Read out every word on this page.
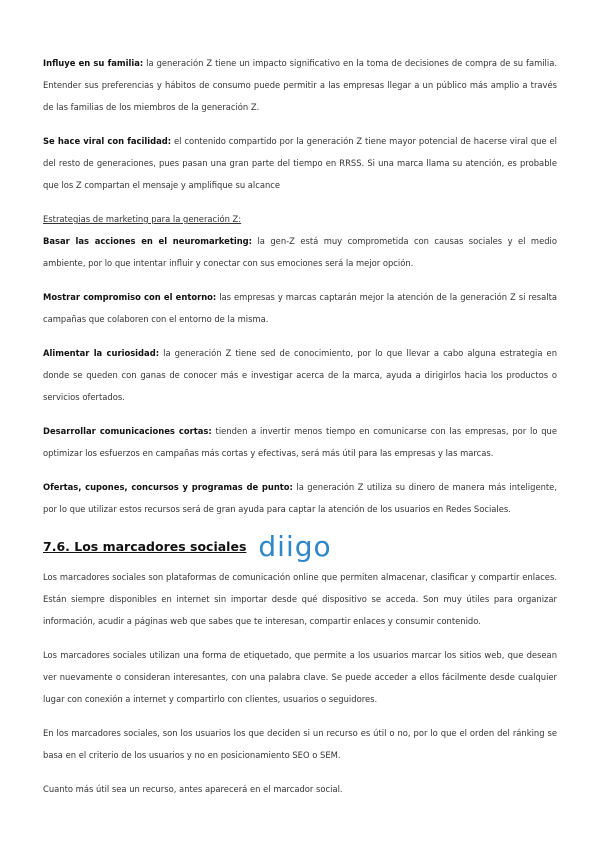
Influye en su familia: la generación Z tiene un impacto significativo en la toma de decisiones de compra de su familia. Entender sus preferencias y hábitos de consumo puede permitir a las empresas llegar a un público más amplio a través de las familias de los miembros de la generación Z.

Se hace viral con facilidad: el contenido compartido por la generación Z tiene mayor potencial de hacerse viral que el del resto de generaciones, pues pasan una gran parte del tiempo en RRSS. Si una marca llama su atención, es probable que los Z compartan el mensaje y amplifique su alcance

Estrategias de marketing para la generación Z:

Basar las acciones en el neuromarketing: la gen-Z está muy comprometida con causas sociales y el medio ambiente, por lo que intentar influir y conectar con sus emociones será la mejor opción.

Mostrar compromiso con el entorno: las empresas y marcas captarán mejor la atención de la generación Z si resalta campañas que colaboren con el entorno de la misma.

Alimentar la curiosidad: la generación Z tiene sed de conocimiento, por lo que llevar a cabo alguna estrategia en donde se queden con ganas de conocer más e investigar acerca de la marca, ayuda a dirigirlos hacia los productos o servicios ofertados.

Desarrollar comunicaciones cortas: tienden a invertir menos tiempo en comunicarse con las empresas, por lo que optimizar los esfuerzos en campañas más cortas y efectivas, será más útil para las empresas y las marcas.

Ofertas, cupones, concursos y programas de punto: la generación Z utiliza su dinero de manera más inteligente, por lo que utilizar estos recursos será de gran ayuda para captar la atención de los usuarios en Redes Sociales.

7.6. Los marcadores sociales diigo

Los marcadores sociales son plataformas de comunicación online que permiten almacenar, clasificar y compartir enlaces. Están siempre disponibles en internet sin importar desde qué dispositivo se acceda. Son muy útiles para organizar información, acudir a páginas web que sabes que te interesan, compartir enlaces y consumir contenido.

Los marcadores sociales utilizan una forma de etiquetado, que permite a los usuarios marcar los sitios web, que desean ver nuevamente o consideran interesantes, con una palabra clave. Se puede acceder a ellos fácilmente desde cualquier lugar con conexión a internet y compartirlo con clientes, usuarios o seguidores.

En los marcadores sociales, son los usuarios los que deciden si un recurso es útil o no, por lo que el orden del ránking se basa en el criterio de los usuarios y no en posicionamiento SEO o SEM.

Cuanto más útil sea un recurso, antes aparecerá en el marcador social.
